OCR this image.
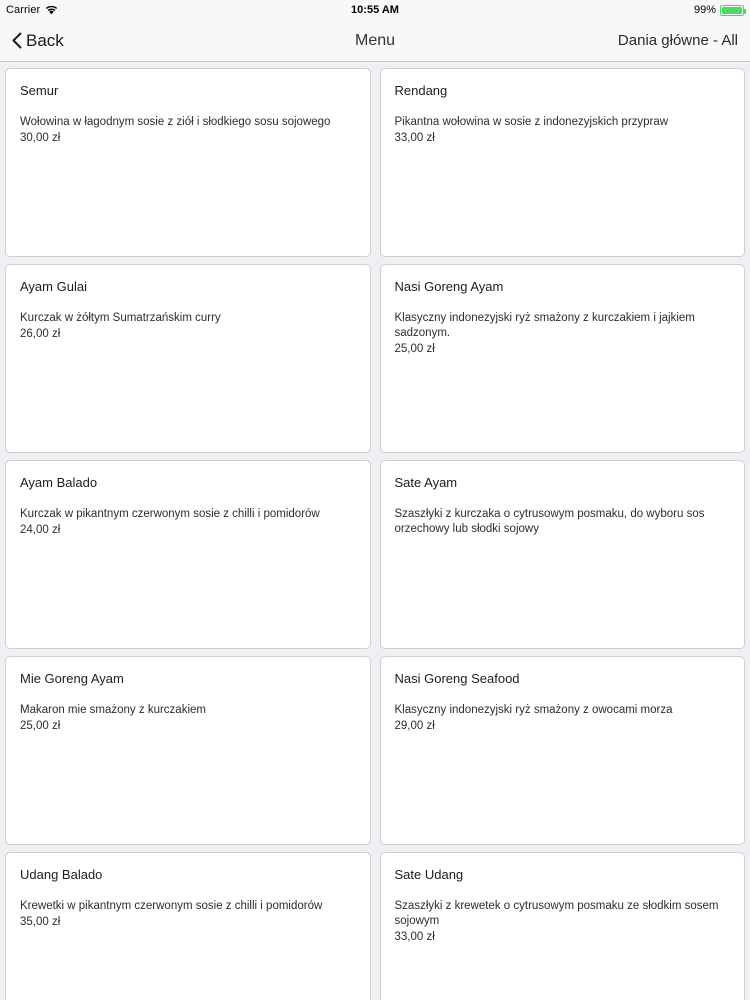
Carrier	10:55 AM	99%
Back	Menu	Dania główne - All
Semur
Wołowina w łagodnym sosie z ziół i słodkiego sosu sojowego
30,00 zł
Rendang
Pikantna wołowina w sosie z indonezyjskich przypraw
33,00 zł
Ayam Gulai
Kurczak w żółtym Sumatrzańskim curry
26,00 zł
Nasi Goreng Ayam
Klasyczny indonezyjski ryż smażony z kurczakiem i jajkiem sadzonym.
25,00 zł
Ayam Balado
Kurczak w pikantnym czerwonym sosie z chilli i pomidorów
24,00 zł
Sate Ayam
Szaszłyki z kurczaka o cytrusowym posmaku, do wyboru sos orzechowy lub słodki sojowy
Mie Goreng Ayam
Makaron mie smażony z kurczakiem
25,00 zł
Nasi Goreng Seafood
Klasyczny indonezyjski ryż smażony z owocami morza
29,00 zł
Udang Balado
Krewetki w pikantnym czerwonym sosie z chilli i pomidorów
35,00 zł
Sate Udang
Szaszłyki z krewetek o cytrusowym posmaku ze słodkim sosem sojowym
33,00 zł
